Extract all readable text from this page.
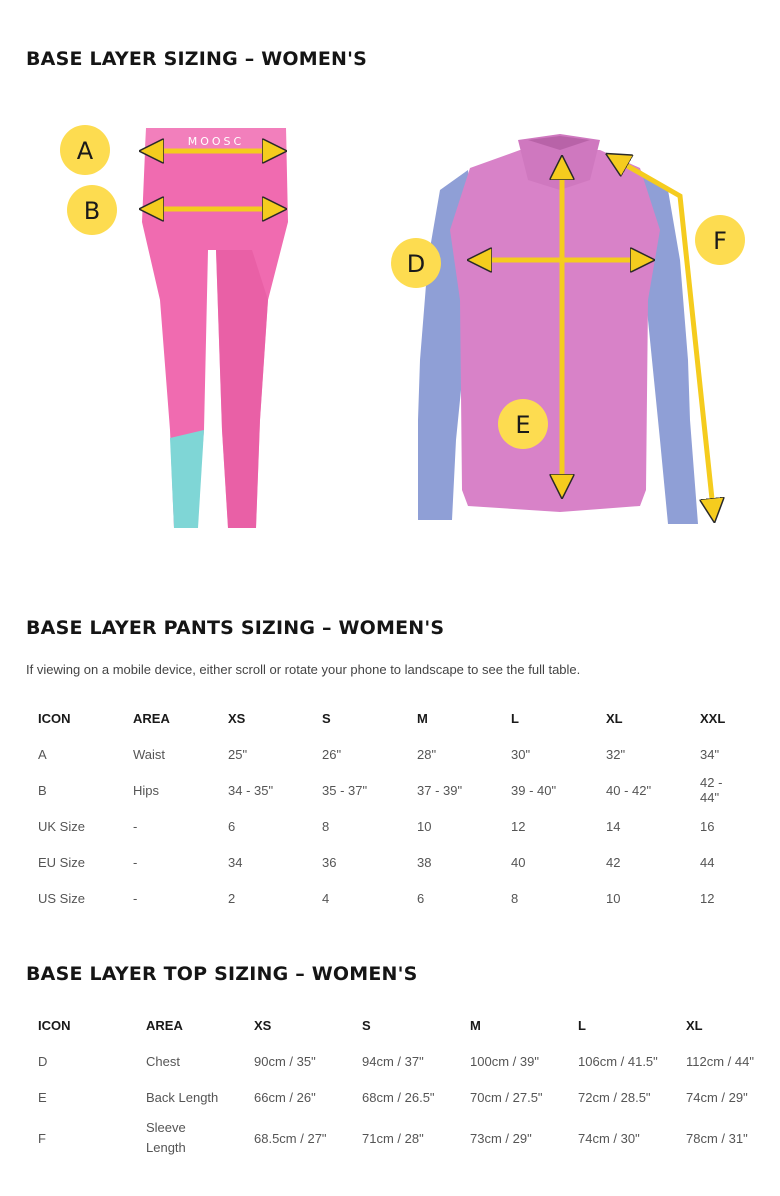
BASE LAYER SIZING – WOMEN'S
MOOSC
A
B
D
E
F
BASE LAYER PANTS SIZING – WOMEN'S

If viewing on a mobile device, either scroll or rotate your phone to landscape to see the full table.

ICON	AREA	XS	S	M	L	XL	XXL
A	Waist	25"	26"	28"	30"	32"	34"
B	Hips	34 - 35"	35 - 37"	37 - 39"	39 - 40"	40 - 42"	42 - 44"
UK Size	-	6	8	10	12	14	16
EU Size	-	34	36	38	40	42	44
US Size	-	2	4	6	8	10	12
BASE LAYER TOP SIZING – WOMEN'S
ICON	AREA	XS	S	M	L	XL
D	Chest	90cm / 35"	94cm / 37"	100cm / 39"	106cm / 41.5"	112cm / 44"
E	Back Length	66cm / 26"	68cm / 26.5"	70cm / 27.5"	72cm / 28.5"	74cm / 29"
F	Sleeve Length	68.5cm / 27"	71cm / 28"	73cm / 29"	74cm / 30"	78cm / 31"
